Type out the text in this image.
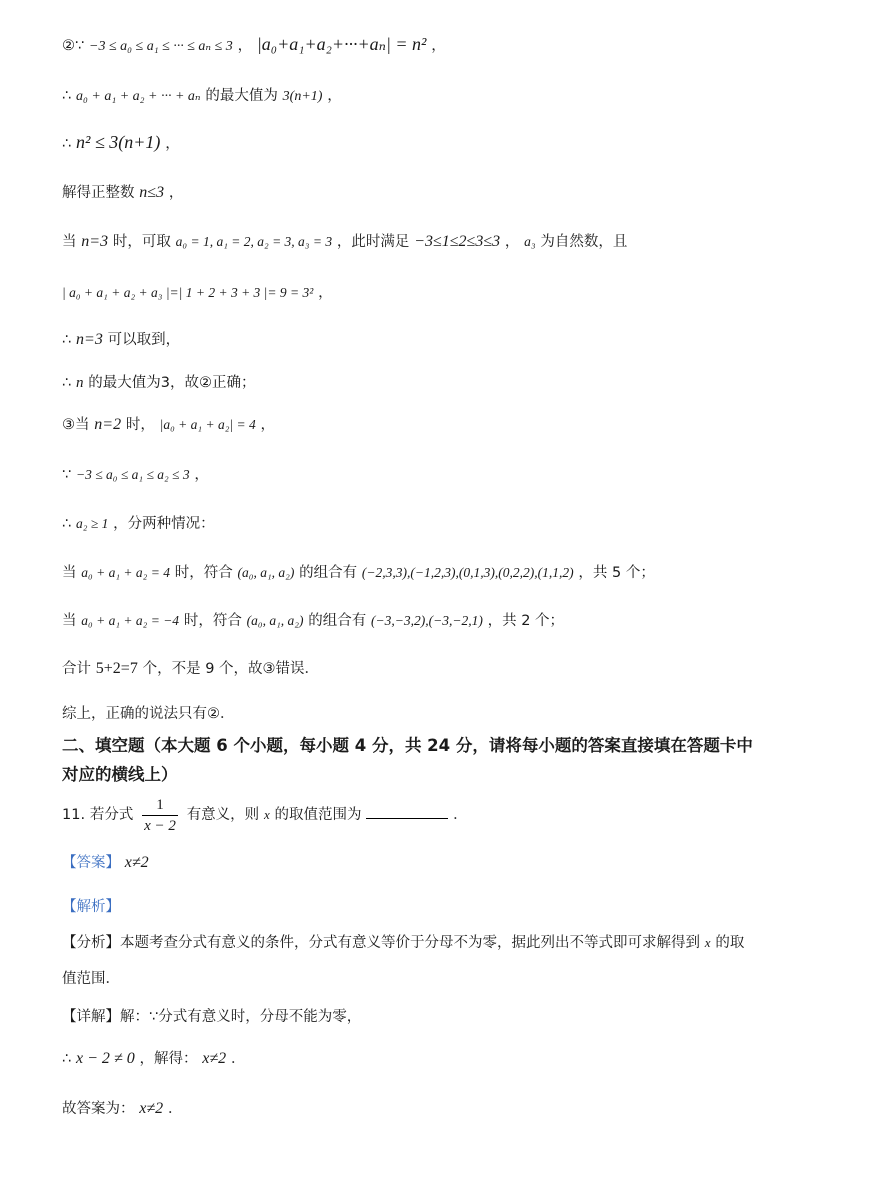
②∵ −3 ≤ a₀ ≤ a₁ ≤ ··· ≤ aₙ ≤ 3 ， |a₀+a₁+a₂+···+aₙ| = n² ，
∴ a₀ + a₁ + a₂ + ··· + aₙ 的最大值为 3(n+1) ，
∴ n² ≤ 3(n+1) ，
解得正整数 n≤3 ，
当 n=3 时，可取 a₀ = 1, a₁ = 2, a₂ = 3, a₃ = 3 ，此时满足 −3≤1≤2≤3≤3 ， a₃ 为自然数，且
| a₀ + a₁ + a₂ + a₃ |=| 1 + 2 + 3 + 3 |= 9 = 3² ，
∴ n=3 可以取到，
∴ n 的最大值为3，故②正确；
③当 n=2 时， |a₀ + a₁ + a₂| = 4 ，
∵ −3 ≤ a₀ ≤ a₁ ≤ a₂ ≤ 3 ，
∴ a₂ ≥ 1 ，分两种情况：
当 a₀ + a₁ + a₂ = 4 时，符合 (a₀, a₁, a₂) 的组合有 (−2,3,3),(−1,2,3),(0,1,3),(0,2,2),(1,1,2) ，共 5 个；
当 a₀ + a₁ + a₂ = −4 时，符合 (a₀, a₁, a₂) 的组合有 (−3,−3,2),(−3,−2,1) ，共 2 个；
合计 5+2=7 个，不是 9 个，故③错误．
综上，正确的说法只有②．
二、填空题（本大题 6 个小题，每小题 4 分，共 24 分，请将每小题的答案直接填在答题卡中
对应的横线上）
11. 若分式 $\frac{1}{x - 2}$ 有意义，则 x 的取值范围为	．
【答案】 x≠2
【解析】
【分析】本题考查分式有意义的条件，分式有意义等价于分母不为零，据此列出不等式即可求解得到 x 的取
值范围．
【详解】解：∵分式有意义时，分母不能为零，
∴ x − 2 ≠ 0 ，解得： x≠2 ．
故答案为： x≠2 ．
